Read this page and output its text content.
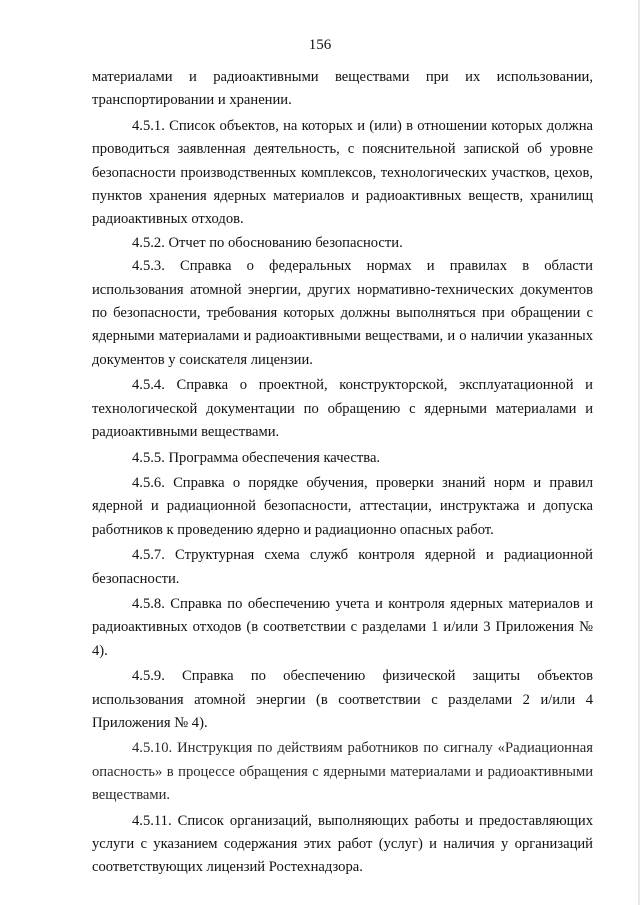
156

материалами и радиоактивными веществами при их использовании, транспортировании и хранении.

4.5.1. Список объектов, на которых и (или) в отношении которых должна проводиться заявленная деятельность, с пояснительной запиской об уровне безопасности производственных комплексов, технологических участков, цехов, пунктов хранения ядерных материалов и радиоактивных веществ, хранилищ радиоактивных отходов.

4.5.2. Отчет по обоснованию безопасности.

4.5.3. Справка о федеральных нормах и правилах в области использования атомной энергии, других нормативно-технических документов по безопасности, требования которых должны выполняться при обращении с ядерными материалами и радиоактивными веществами, и о наличии указанных документов у соискателя лицензии.

4.5.4. Справка о проектной, конструкторской, эксплуатационной и технологической документации по обращению с ядерными материалами и радиоактивными веществами.

4.5.5. Программа обеспечения качества.

4.5.6. Справка о порядке обучения, проверки знаний норм и правил ядерной и радиационной безопасности, аттестации, инструктажа и допуска работников к проведению ядерно и радиационно опасных работ.

4.5.7. Структурная схема служб контроля ядерной и радиационной безопасности.

4.5.8. Справка по обеспечению учета и контроля ядерных материалов и радиоактивных отходов (в соответствии с разделами 1 и/или 3 Приложения № 4).

4.5.9. Справка по обеспечению физической защиты объектов использования атомной энергии (в соответствии с разделами 2 и/или 4 Приложения № 4).

4.5.10. Инструкция по действиям работников по сигналу «Радиационная опасность» в процессе обращения с ядерными материалами и радиоактивными веществами.

4.5.11. Список организаций, выполняющих работы и предоставляющих услуги с указанием содержания этих работ (услуг) и наличия у организаций соответствующих лицензий Ростехнадзора.
